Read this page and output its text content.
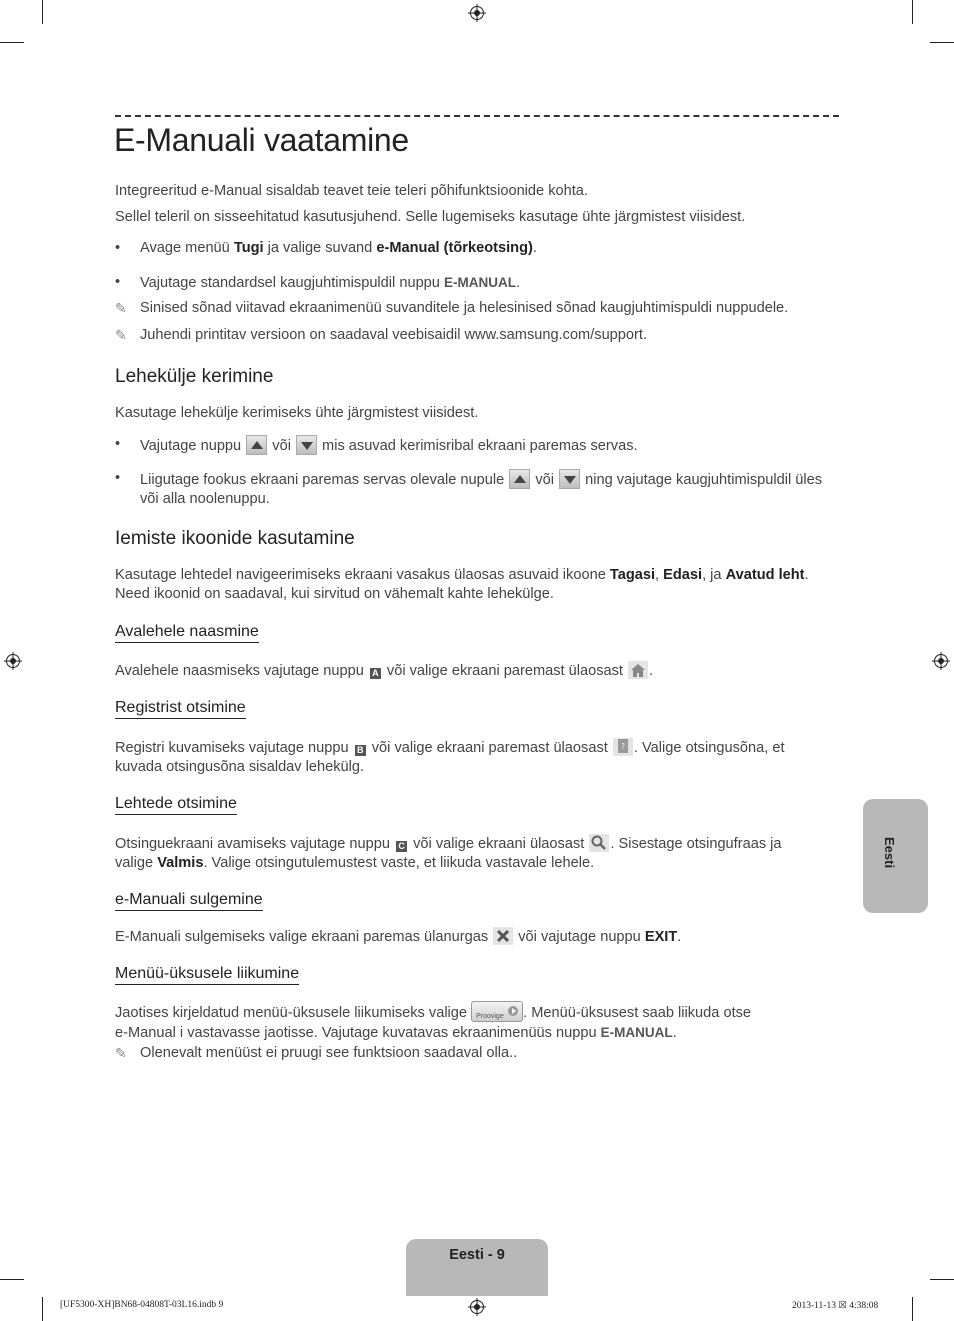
E-Manuali vaatamine
Integreeritud e-Manual sisaldab teavet teie teleri põhifunktsioonide kohta.
Sellel teleril on sisseehitatud kasutusjuhend. Selle lugemiseks kasutage ühte järgmistest viisidest.
•	Avage menüü Tugi ja valige suvand e-Manual (tõrkeotsing).
•	Vajutage standardsel kaugjuhtimispuldil nuppu E-MANUAL.
✎ Sinised sõnad viitavad ekraanimenüü suvanditele ja helesinised sõnad kaugjuhtimispuldi nuppudele.
✎ Juhendi printitav versioon on saadaval veebisaidil www.samsung.com/support.
Lehekülje kerimine
Kasutage lehekülje kerimiseks ühte järgmistest viisidest.
•	Vajutage nuppu
või
mis asuvad kerimisribal ekraani paremas servas.
•	Liigutage fookus ekraani paremas servas olevale nupule
või
ning vajutage kaugjuhtimispuldil üles
või alla noolenuppu.
Iemiste ikoonide kasutamine
Kasutage lehtedel navigeerimiseks ekraani vasakus ülaosas asuvaid ikoone Tagasi, Edasi, ja Avatud leht.
Need ikoonid on saadaval, kui sirvitud on vähemalt kahte lehekülge.
Avalehele naasmine
Avalehele naasmiseks vajutage nuppu A või valige ekraani paremast ülaosast .
Registrist otsimine
Registri kuvamiseks vajutage nuppu B või valige ekraani paremast ülaosast ? . Valige otsingusõna, et
kuvada otsingusõna sisaldav lehekülg.
Lehtede otsimine
Otsinguekraani avamiseks vajutage nuppu C või valige ekraani ülaosast . Sisestage otsingufraas ja
valige Valmis. Valige otsingutulemustest vaste, et liikuda vastavale lehele.
e-Manuali sulgemine
E-Manuali sulgemiseks valige ekraani paremas ülanurgas  või vajutage nuppu EXIT.
Menüü-üksusele liikumine
Jaotises kirjeldatud menüü-üksusele liikumiseks valige Proovige . Menüü-üksusest saab liikuda otse
e-Manual i vastavasse jaotisse. Vajutage kuvatavas ekraanimenüüs nuppu E-MANUAL.
✎ Olenevalt menüüst ei pruugi see funktsioon saadaval olla..
Eesti
Eesti - 9
[UF5300-XH]BN68-04808T-03L16.indb 9	2013-11-13 ☒ 4:38:08
